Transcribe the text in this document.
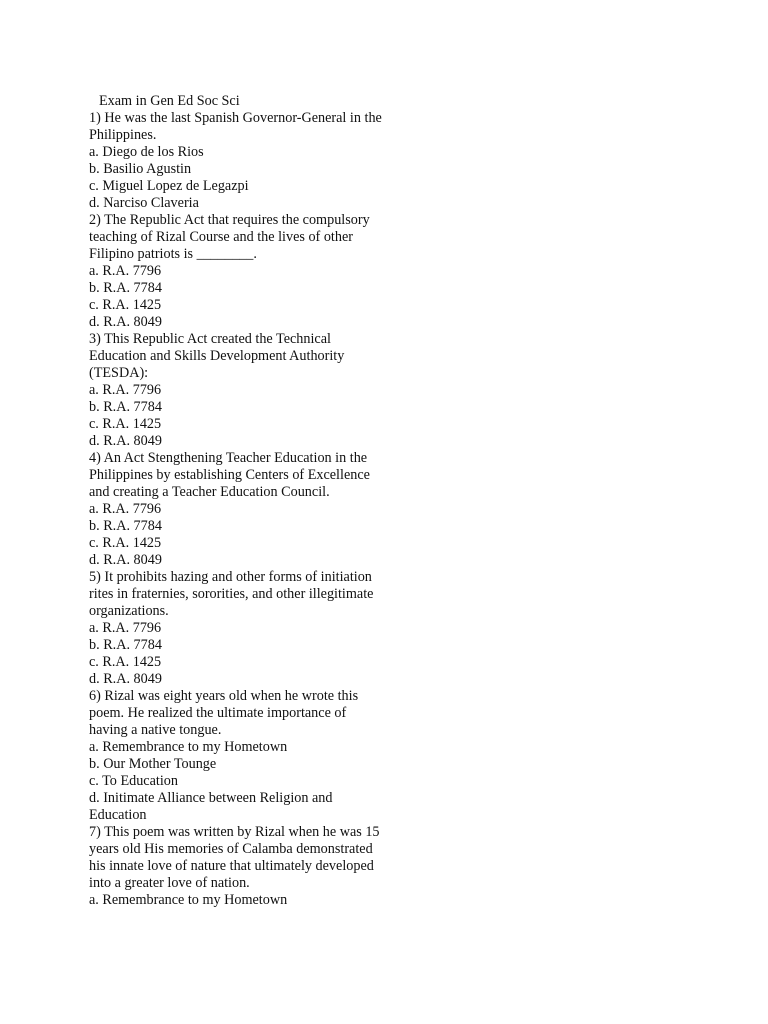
Exam in Gen Ed Soc Sci
1) He was the last Spanish Governor-General in the
Philippines.
a. Diego de los Rios
b. Basilio Agustin
c. Miguel Lopez de Legazpi
d. Narciso Claveria
2) The Republic Act that requires the compulsory
teaching of Rizal Course and the lives of other
Filipino patriots is ________.
a. R.A. 7796
b. R.A. 7784
c. R.A. 1425
d. R.A. 8049
3) This Republic Act created the Technical
Education and Skills Development Authority
(TESDA):
a. R.A. 7796
b. R.A. 7784
c. R.A. 1425
d. R.A. 8049
4) An Act Stengthening Teacher Education in the
Philippines by establishing Centers of Excellence
and creating a Teacher Education Council.
a. R.A. 7796
b. R.A. 7784
c. R.A. 1425
d. R.A. 8049
5) It prohibits hazing and other forms of initiation
rites in fraternies, sororities, and other illegitimate
organizations.
a. R.A. 7796
b. R.A. 7784
c. R.A. 1425
d. R.A. 8049
6) Rizal was eight years old when he wrote this
poem. He realized the ultimate importance of
having a native tongue.
a. Remembrance to my Hometown
b. Our Mother Tounge
c. To Education
d. Initimate Alliance between Religion and
Education
7) This poem was written by Rizal when he was 15
years old His memories of Calamba demonstrated
his innate love of nature that ultimately developed
into a greater love of nation.
a. Remembrance to my Hometown
